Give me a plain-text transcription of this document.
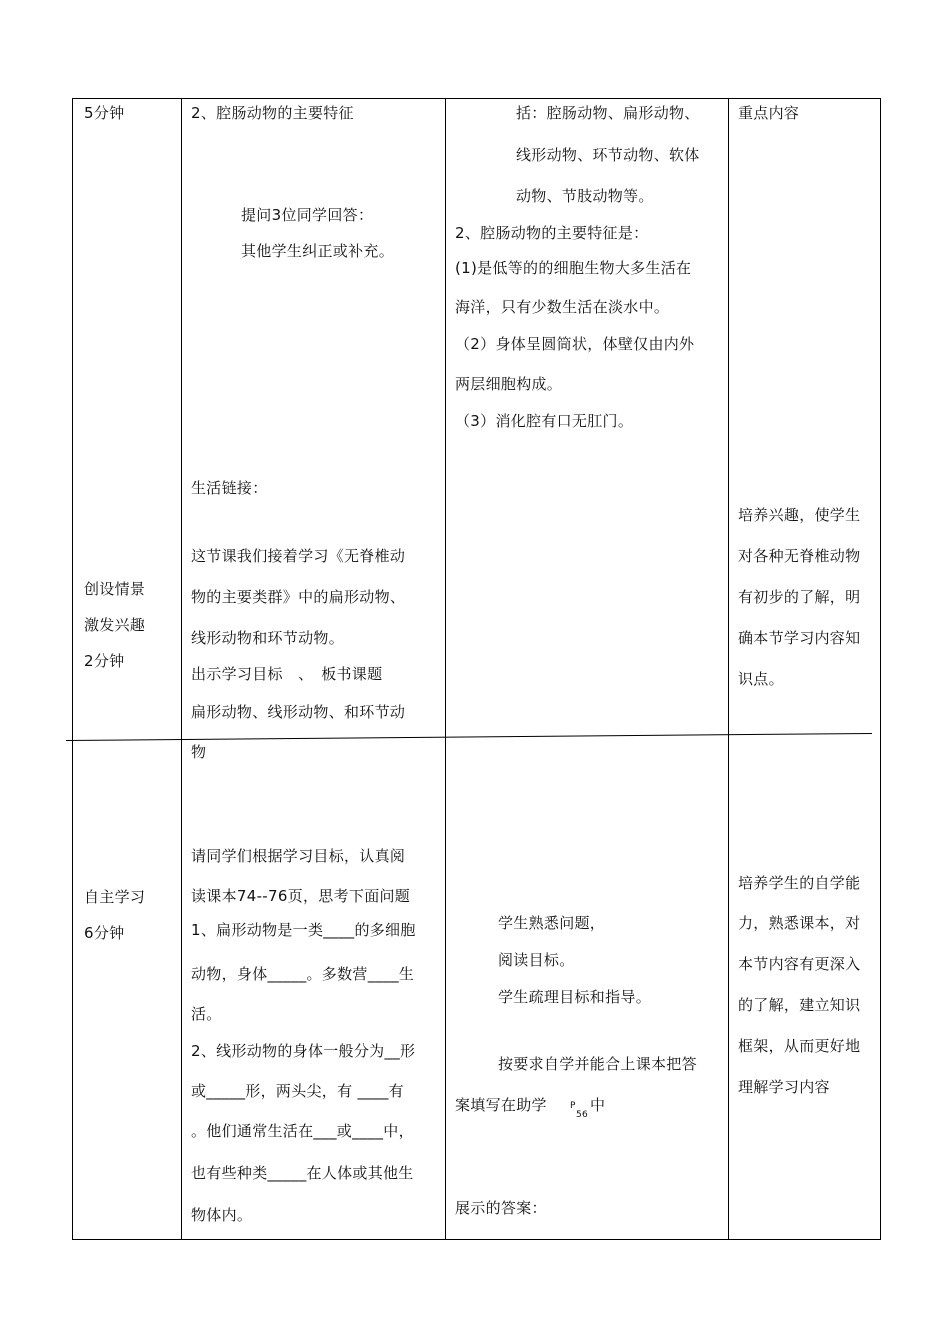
5分钟
创设情景
激发兴趣
2分钟
自主学习
6分钟
2、腔肠动物的主要特征
提问3位同学回答：
其他学生纠正或补充。
生活链接：
这节课我们接着学习《无脊椎动
物的主要类群》中的扁形动物、
线形动物和环节动物。
出示学习目标　、　板书课题
扁形动物、线形动物、和环节动
物
请同学们根据学习目标，认真阅
读课本74--76页，思考下面问题
1、扁形动物是一类____的多细胞
动物，身体_____。多数营____生
活。
2、线形动物的身体一般分为__形
或_____形，两头尖，有 ____有
。他们通常生活在___或____中，
也有些种类_____在人体或其他生
物体内。
括：腔肠动物、扁形动物、
线形动物、环节动物、软体
动物、节肢动物等。
2、腔肠动物的主要特征是：
(1)是低等的的细胞生物大多生活在
海洋，只有少数生活在淡水中。
（2）身体呈圆筒状，体壁仅由内外
两层细胞构成。
（3）消化腔有口无肛门。
学生熟悉问题，
阅读目标。
学生疏理目标和指导。
按要求自学并能合上课本把答
案填写在助学	P
56
中
展示的答案：
重点内容
培养兴趣，使学生
对各种无脊椎动物
有初步的了解，明
确本节学习内容知
识点。
培养学生的自学能
力，熟悉课本，对
本节内容有更深入
的了解，建立知识
框架，从而更好地
理解学习内容
